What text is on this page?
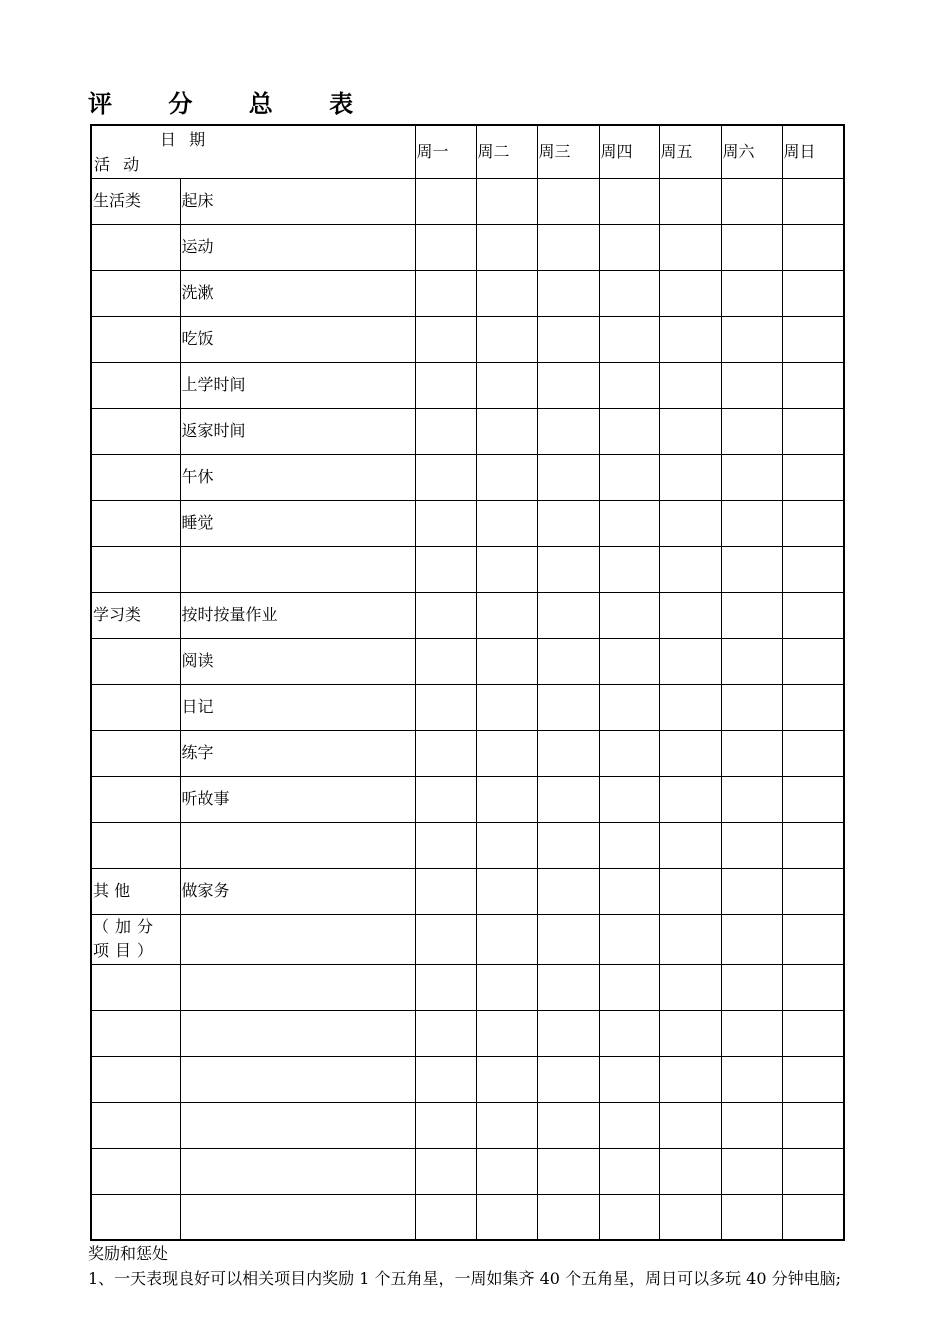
评 分 总 表
日 期
活 动		周一	周二	周三	周四	周五	周六	周日
生活类	起床							
	运动							
	洗漱							
	吃饭							
	上学时间							
	返家时间							
	午休							
	睡觉							

学习类	按时按量作业							
	阅读							
	日记							
	练字							
	听故事							

其 他	做家务							
（加分项目）								

奖励和惩处
1、一天表现良好可以相关项目内奖励 1 个五角星，一周如集齐 40 个五角星，周日可以多玩 40 分钟电脑;
